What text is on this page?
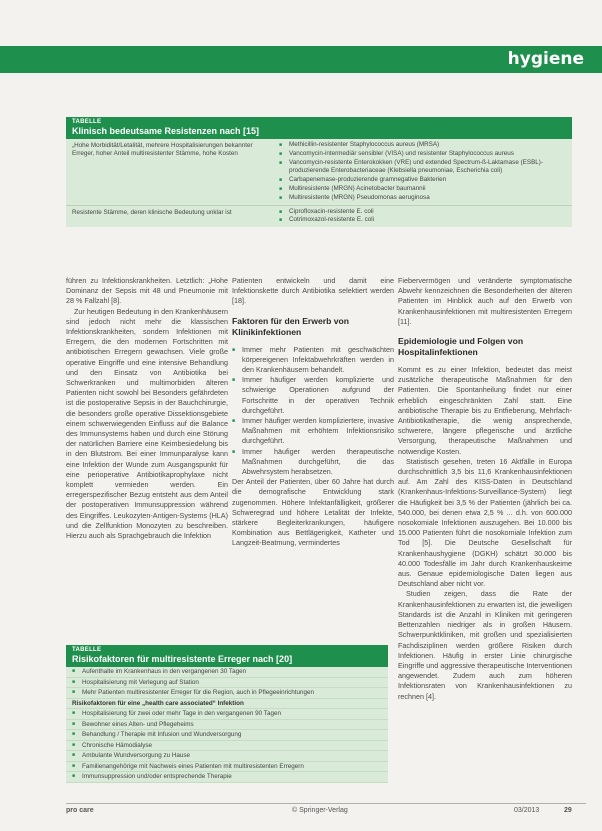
hygiene
TABELLE
Klinisch bedeutsame Resistenzen nach [15]
„Hohe Morbidität/Letalität, mehrere Hospitalisierungen bekannter Erreger, hoher Anteil multiresistenter Stämme, hohe Kosten
■ Methicillin-resistenter Staphylococcus aureus (MRSA)
■ Vancomycin-intermediär sensibler (VISA) und resistenter Staphylococcus aureus
■ Vancomycin-resistente Enterokokken (VRE) und extended Spectrum-ß-Laktamase (ESBL)-produzierende Enterobacteriaceae (Klebsiella pneumoniae, Escherichia coli)
■ Carbapenemase-produzierende gramnegative Bakterien
■ Multiresistente (MRGN) Acinetobacter baumannii
■ Multiresistente (MRGN) Pseudomonas aeruginosa
Resistente Stämme, deren klinische Bedeutung unklar ist
■	Ciprofloxacin-resistente E. coli
■ Cotrimoxazol-resistente E. coli

führen zu Infektionskrankheiten. Letztlich: „Hohe Dominanz der Sepsis mit 48 und Pneumonie mit 28 % Fallzahl [8].

Zur heutigen Bedeutung in den Krankenhäusern sind jedoch nicht mehr die klassischen Infektionskrankheiten, sondern Infektionen mit Erregern, die den modernen Fortschritten mit antibiotischen Erregern gewachsen. Viele große operative Eingriffe und eine intensive Behandlung und den Einsatz von Antibiotika bei Schwerkranken und multimorbiden älteren Patienten nicht sowohl bei Besonders gefährdeten ist die postoperative Sepsis in der Bauchchirurgie, die besonders große operative Dissektionsgebiete einem schwerwiegenden Einfluss auf die Balance des Immunsystems haben und durch eine Störung der natürlichen Barriere eine Keimbesiedelung bis in den Blutstrom. Bei einer Immunparalyse kann eine Infektion der Wunde zum Ausgangspunkt für eine perioperative Antibiotikaprophylaxe nicht komplett vermieden werden. Ein erregerspezifischer Bezug entsteht aus dem Anteil der postoperativen Immunsuppression während des Eingriffes. Leukozyten-Antigen-Systems (HLA) und die Zellfunktion Monozyten zu beschreiben. Hierzu auch als Sprachgebrauch die Infektion

Patienten entwickeln und damit eine Infektionskette durch Antibiotika selektiert werden [18].

Faktoren für den Erwerb von Klinikinfektionen

■ Immer mehr Patienten mit geschwächten körpereigenen Infektabwehrkräften werden in den Krankenhäusern behandelt.

■ Immer häufiger werden komplizierte und schwierige Operationen aufgrund der Fortschritte in der operativen Technik durchgeführt.

■ Immer häufiger werden kompliziertere, invasive Maßnahmen mit erhöhtem Infektionsrisiko durchgeführt.

■ Immer häufiger werden therapeutische Maßnahmen durchgeführt, die das Abwehrsystem herabsetzen.

Der Anteil der Patienten, über 60 Jahre hat durch die demografische Entwicklung stark zugenommen. Höhere Infektanfälligkeit, größerer Schweregrad und höhere Letalität der Infekte, stärkere Begleiterkrankungen, häufigere Kombination aus Bettlägerigkeit, Katheter und Langzeit-Beatmung, vermindertes

Fiebervermögen und veränderte symptomatische Abwehr kennzeichnen die Besonderheiten der älteren Patienten im Hinblick auch auf den Erwerb von Krankenhausinfektionen mit multiresistenten Erregern [11].

Epidemiologie und Folgen von Hospitalinfektionen

Kommt es zu einer Infektion, bedeutet das meist zusätzliche therapeutische Maßnahmen für den Patienten. Die Spontanheilung findet nur einer erheblich eingeschränkten Zahl statt. Eine antibiotische Therapie bis zu Entfieberung, Mehrfach-Antibiotikatherapie, die wenig ansprechende, schwerere, längere pflegerische und ärztliche Versorgung, therapeutische Maßnahmen und notwendige Kosten.

Statistisch gesehen, treten 16 Aktfälle in Europa durchschnittlich 3,5 bis 11,6 Krankenhausinfektionen auf. Am Zahl des KISS-Daten in Deutschland (Krankenhaus-Infektions-Surveillance-System) liegt die Häufigkeit bei 3,5 % der Patienten (jährlich bei ca. 540.000, bei denen etwa 2,5 % ... d.h. von 600.000 nosokomiale Infektionen auszugehen. Bei 10.000 bis 15.000 Patienten führt die nosokomiale Infektion zum Tod [5]. Die Deutsche Gesellschaft für Krankenhaushygiene (DGKH) schätzt 30.000 bis 40.000 Todesfälle im Jahr durch Krankenhauskeime aus. Genaue epidemiologische Daten liegen aus Deutschland aber nicht vor.

Studien zeigen, dass die Rate der Krankenhausinfektionen zu erwarten ist, die jeweiligen Standards ist die Anzahl in Kliniken mit geringeren Bettenzahlen niedriger als in großen Häusern. Schwerpunktkliniken, mit großen und spezialisierten Fachdisziplinen werden größere Risiken durch Infektionen. Häufig in erster Linie chirurgische Eingriffe und aggressive therapeutische Interventionen angewendet. Zudem auch zum höheren Infektionsraten von Krankenhausinfektionen zu rechnen [4].

TABELLE
Risikofaktoren für multiresistente Erreger nach [20]
■ Aufenthalte im Krankenhaus in den vergangenen 30 Tagen
■ Hospitalisierung mit Verlegung auf Station
■ Mehr Patienten multiresistenter Erreger für die Region, auch in Pflegeeinrichtungen
Risikofaktoren für eine „health care associated“ Infektion
■ Hospitalisierung für zwei oder mehr Tage in den vergangenen 90 Tagen
■ Bewohner eines Alten- und Pflegeheims
■ Behandlung / Therapie mit Infusion und Wundversorgung
■ Chronische Hämodialyse
■ Ambulante Wundversorgung zu Hause
■ Familienangehörige mit Nachweis eines Patienten mit multiresistenten Erregern
■ Immunsuppression und/oder entsprechende Therapie
pro care	© Springer-Verlag	03/2013	29
